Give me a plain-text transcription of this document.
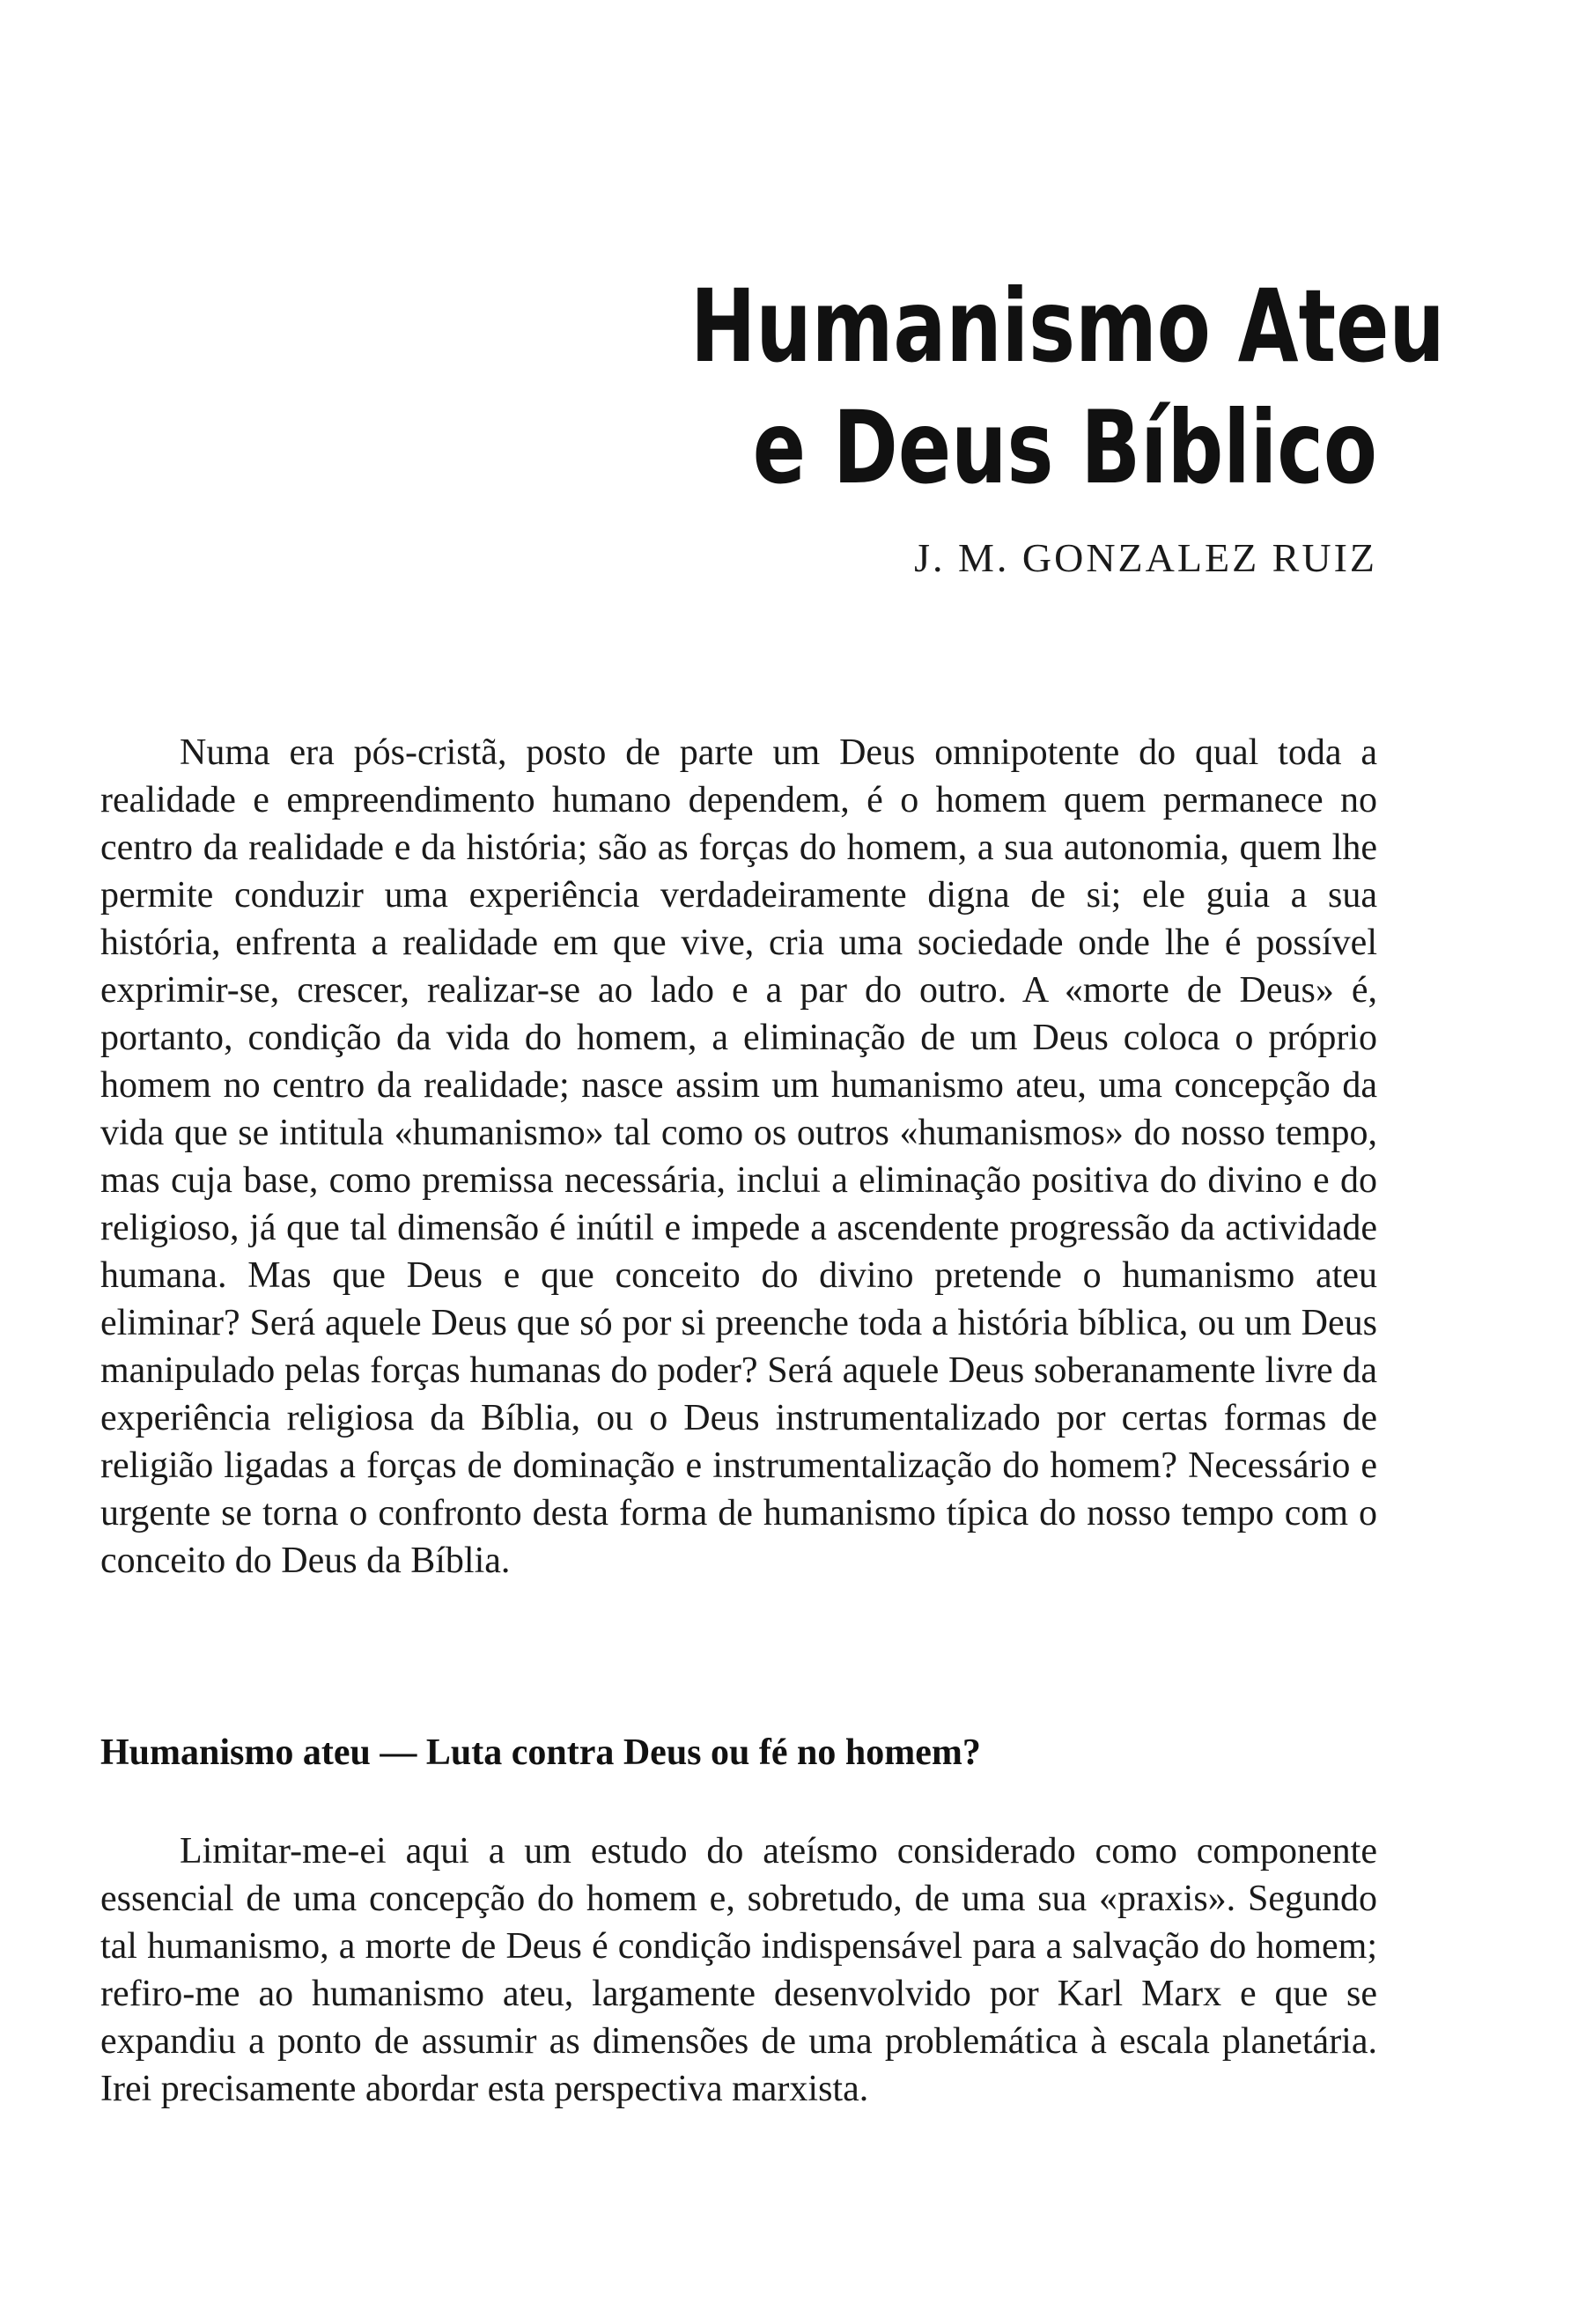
Humanismo Ateu
e Deus Bíblico
J. M. GONZALEZ RUIZ

Numa era pós-cristã, posto de parte um Deus omnipotente do qual toda a realidade e empreendimento humano dependem, é o homem quem permanece no centro da realidade e da história; são as forças do homem, a sua autonomia, quem lhe permite conduzir uma experiência verdadeiramente digna de si; ele guia a sua história, enfrenta a realidade em que vive, cria uma sociedade onde lhe é possível exprimir-se, crescer, realizar-se ao lado e a par do outro. A «morte de Deus» é, portanto, condição da vida do homem, a eliminação de um Deus coloca o próprio homem no centro da realidade; nasce assim um humanismo ateu, uma concepção da vida que se intitula «humanismo» tal como os outros «humanismos» do nosso tempo, mas cuja base, como premissa necessária, inclui a eliminação positiva do divino e do religioso, já que tal dimensão é inútil e impede a ascendente progressão da actividade humana. Mas que Deus e que conceito do divino pretende o humanismo ateu eliminar? Será aquele Deus que só por si preenche toda a história bíblica, ou um Deus manipulado pelas forças humanas do poder? Será aquele Deus soberanamente livre da experiência religiosa da Bíblia, ou o Deus instrumentalizado por certas formas de religião ligadas a forças de dominação e instrumentalização do homem? Necessário e urgente se torna o confronto desta forma de humanismo típica do nosso tempo com o conceito do Deus da Bíblia.

Humanismo ateu — Luta contra Deus ou fé no homem?

Limitar-me-ei aqui a um estudo do ateísmo considerado como componente essencial de uma concepção do homem e, sobretudo, de uma sua «praxis». Segundo tal humanismo, a morte de Deus é condição indispensável para a salvação do homem; refiro-me ao humanismo ateu, largamente desenvolvido por Karl Marx e que se expandiu a ponto de assumir as dimensões de uma problemática à escala planetária. Irei precisamente abordar esta perspectiva marxista.
